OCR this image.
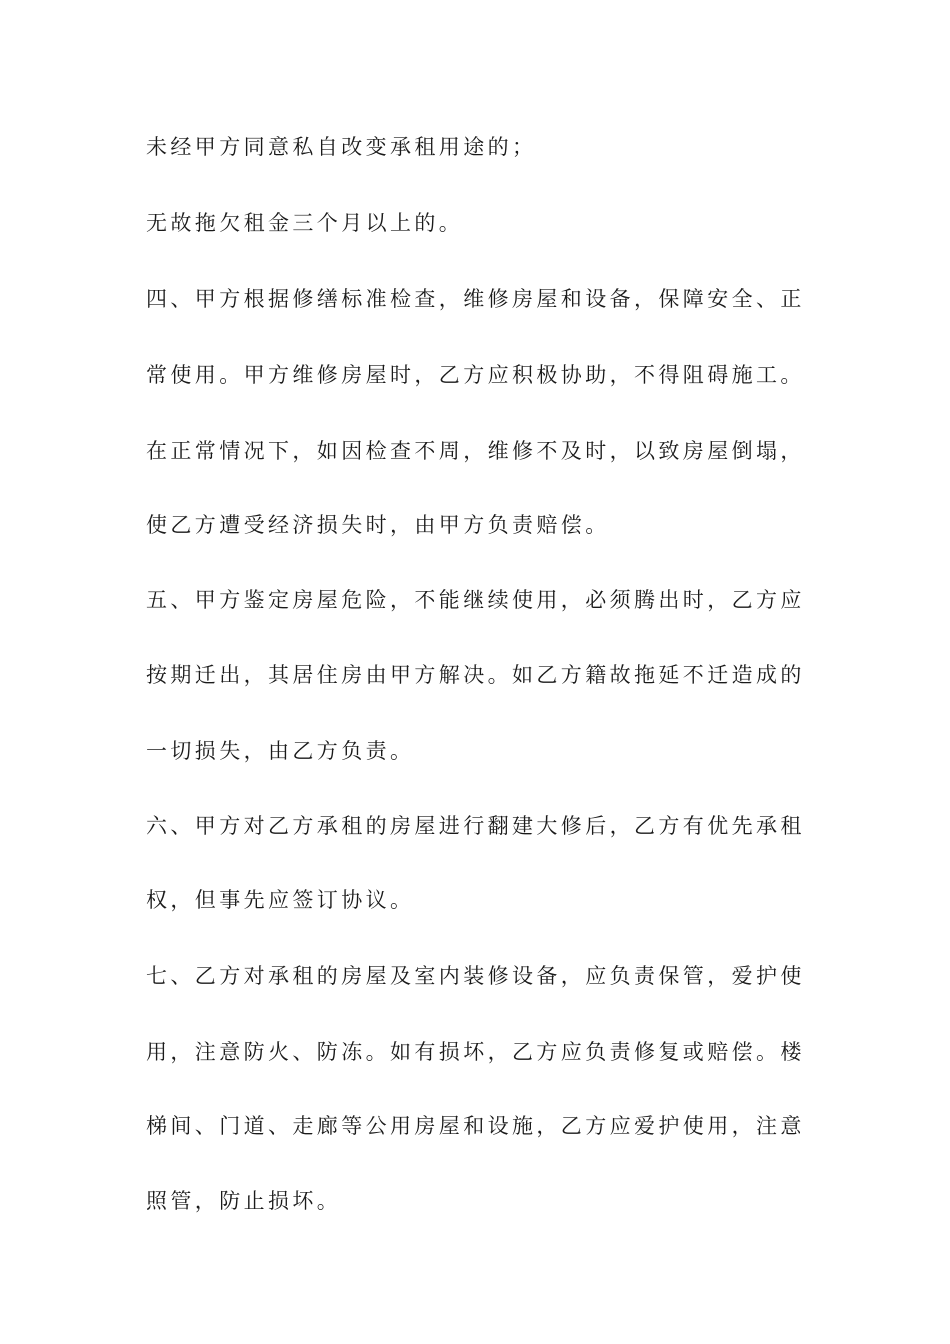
未经甲方同意私自改变承租用途的；
无故拖欠租金三个月以上的。
四、甲方根据修缮标准检查，维修房屋和设备，保障安全、正
常使用。甲方维修房屋时，乙方应积极协助，不得阻碍施工。
在正常情况下，如因检查不周，维修不及时，以致房屋倒塌，
使乙方遭受经济损失时，由甲方负责赔偿。
五、甲方鉴定房屋危险，不能继续使用，必须腾出时，乙方应
按期迁出，其居住房由甲方解决。如乙方籍故拖延不迁造成的
一切损失，由乙方负责。
六、甲方对乙方承租的房屋进行翻建大修后，乙方有优先承租
权，但事先应签订协议。
七、乙方对承租的房屋及室内装修设备，应负责保管，爱护使
用，注意防火、防冻。如有损坏，乙方应负责修复或赔偿。楼
梯间、门道、走廊等公用房屋和设施，乙方应爱护使用，注意
照管，防止损坏。
